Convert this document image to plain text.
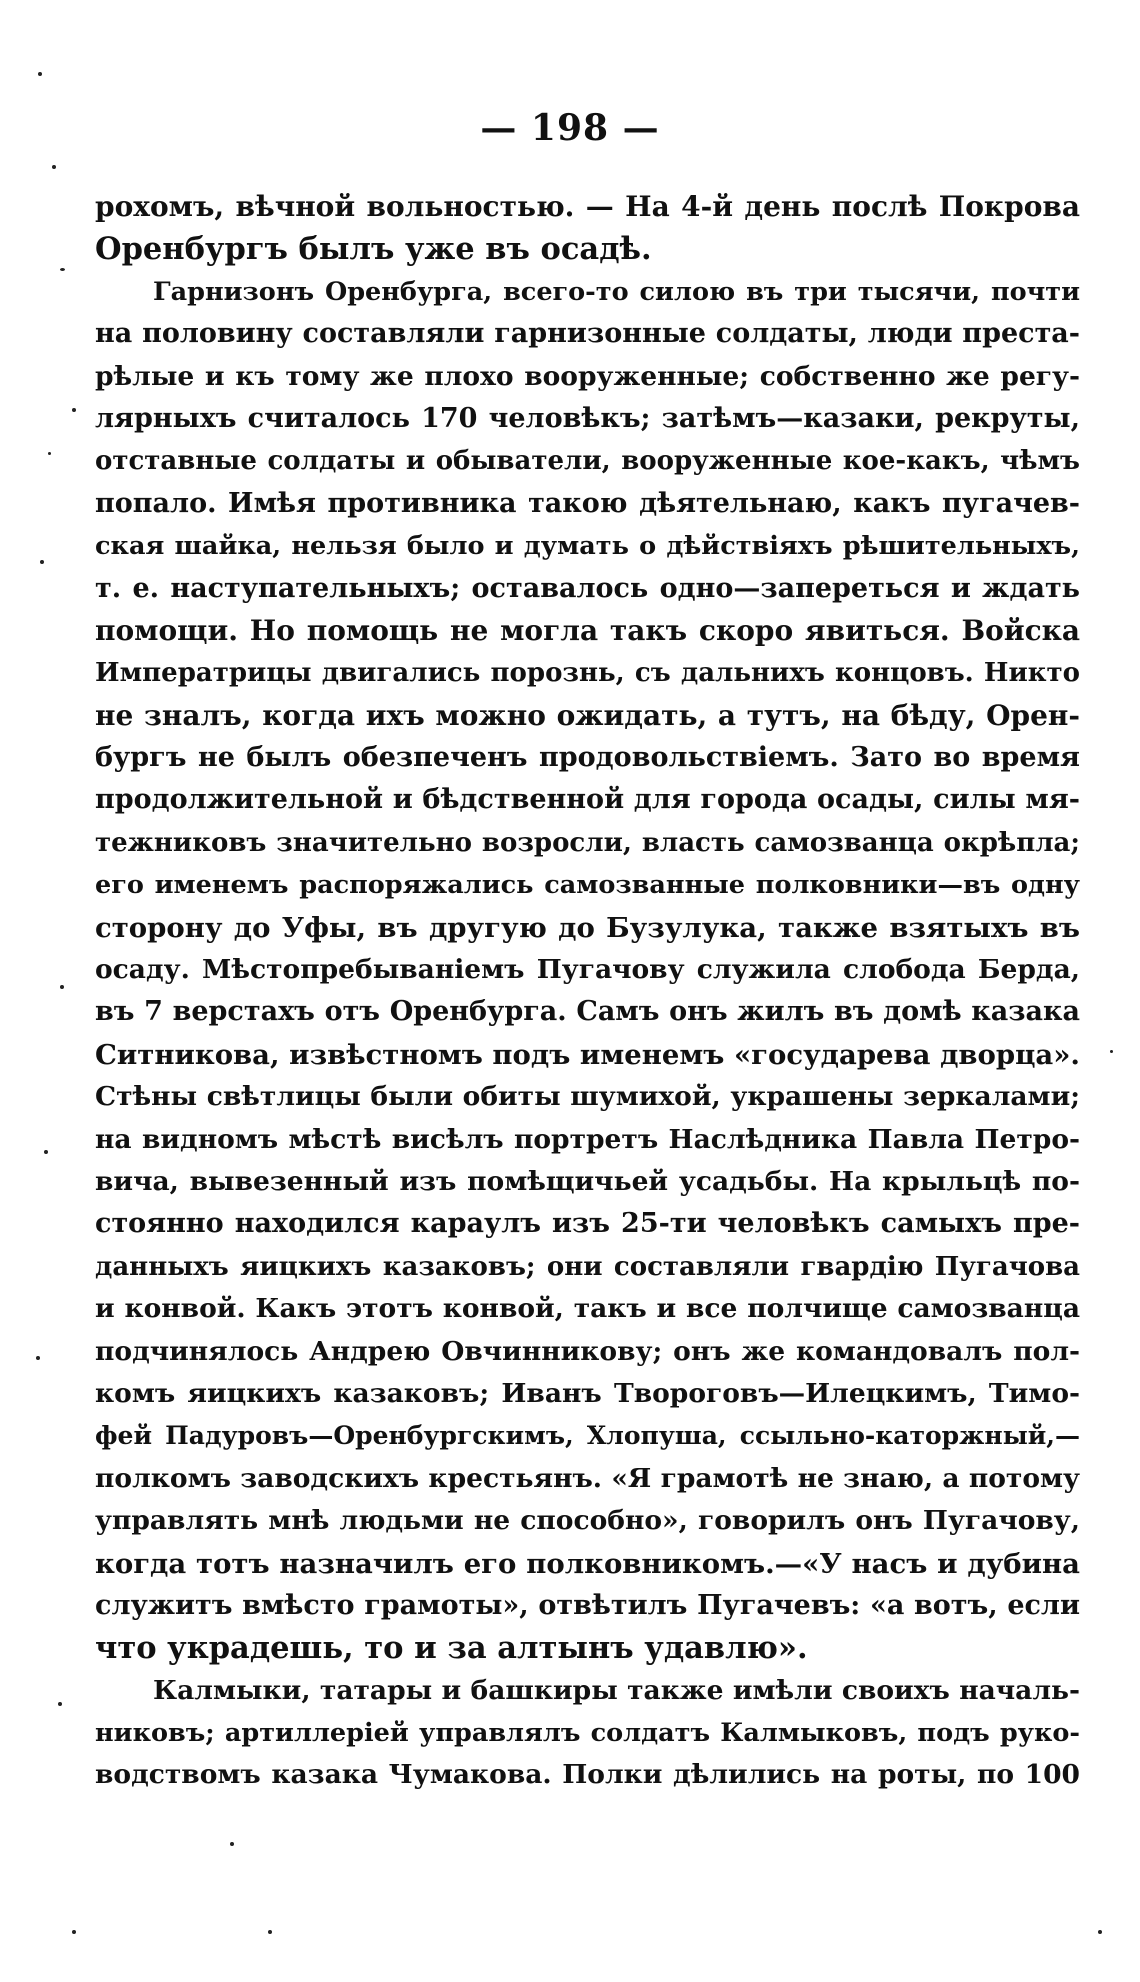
— 198 —
рохомъ, вѣчной вольностью. — На 4-й день послѣ Покрова
Оренбургъ былъ уже въ осадѣ.
Гарнизонъ Оренбурга, всего-то силою въ три тысячи, почти
на половину составляли гарнизонные солдаты, люди преста-
рѣлые и къ тому же плохо вооруженные; собственно же регу-
лярныхъ считалось 170 человѣкъ; затѣмъ—казаки, рекруты,
отставные солдаты и обыватели, вооруженные кое-какъ, чѣмъ
попало. Имѣя противника такою дѣятельнаю, какъ пугачев-
ская шайка, нельзя было и думать о дѣйствіяхъ рѣшительныхъ,
т. е. наступательныхъ; оставалось одно—запереться и ждать
помощи. Но помощь не могла такъ скоро явиться. Войска
Императрицы двигались порознь, съ дальнихъ концовъ. Никто
не зналъ, когда ихъ можно ожидать, а тутъ, на бѣду, Орен-
бургъ не былъ обезпеченъ продовольствіемъ. Зато во время
продолжительной и бѣдственной для города осады, силы мя-
тежниковъ значительно возросли, власть самозванца окрѣпла;
его именемъ распоряжались самозванные полковники—въ одну
сторону до Уфы, въ другую до Бузулука, также взятыхъ въ
осаду. Мѣстопребываніемъ Пугачову служила слобода Берда,
въ 7 верстахъ отъ Оренбурга. Самъ онъ жилъ въ домѣ казака
Ситникова, извѣстномъ подъ именемъ «государева дворца».
Стѣны свѣтлицы были обиты шумихой, украшены зеркалами;
на видномъ мѣстѣ висѣлъ портретъ Наслѣдника Павла Петро-
вича, вывезенный изъ помѣщичьей усадьбы. На крыльцѣ по-
стоянно находился караулъ изъ 25-ти человѣкъ самыхъ пре-
данныхъ яицкихъ казаковъ; они составляли гвардію Пугачова
и конвой. Какъ этотъ конвой, такъ и все полчище самозванца
подчинялось Андрею Овчинникову; онъ же командовалъ пол-
комъ яицкихъ казаковъ; Иванъ Твороговъ—Илецкимъ, Тимо-
фей Падуровъ—Оренбургскимъ, Хлопуша, ссыльно-каторжный,—
полкомъ заводскихъ крестьянъ. «Я грамотѣ не знаю, а потому
управлять мнѣ людьми не способно», говорилъ онъ Пугачову,
когда тотъ назначилъ его полковникомъ.—«У насъ и дубина
служитъ вмѣсто грамоты», отвѣтилъ Пугачевъ: «а вотъ, если
что украдешь, то и за алтынъ удавлю».
Калмыки, татары и башкиры также имѣли своихъ началь-
никовъ; артиллеріей управлялъ солдатъ Калмыковъ, подъ руко-
водствомъ казака Чумакова. Полки дѣлились на роты, по 100
